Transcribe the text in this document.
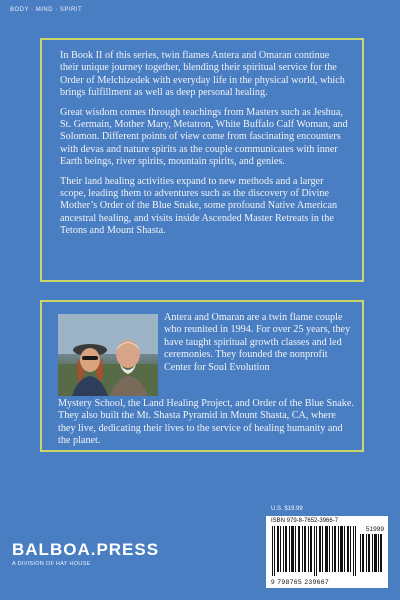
BODY · MIND · SPIRIT

In Book II of this series, twin flames Antera and Omaran continue their unique journey together, blending their spiritual service for the Order of Melchizedek with everyday life in the physical world, which brings fulfillment as well as deep personal healing.

Great wisdom comes through teachings from Masters such as Jeshua, St. Germain, Mother Mary, Metatron, White Buffalo Calf Woman, and Solomon. Different points of view come from fascinating encounters with devas and nature spirits as the couple communicates with inner Earth beings, river spirits, mountain spirits, and genies.

Their land healing activities expand to new methods and a larger scope, leading them to adventures such as the discovery of Divine Mother’s Order of the Blue Snake, some profound Native American ancestral healing, and visits inside Ascended Master Retreats in the Tetons and Mount Shasta.

Antera and Omaran are a twin flame couple who reunited in 1994. For over 25 years, they have taught spiritual growth classes and led ceremonies. They founded the nonprofit Center for Soul Evolution

Mystery School, the Land Healing Project, and Order of the Blue Snake. They also built the Mt. Shasta Pyramid in Mount Shasta, CA, where they live, dedicating their lives to the service of healing humanity and the planet.

BALBOA.PRESS
A DIVISION OF HAY HOUSE
U.S. $19.99
ISBN 979-8-7652-3966-7
51999
9 798765 239667
